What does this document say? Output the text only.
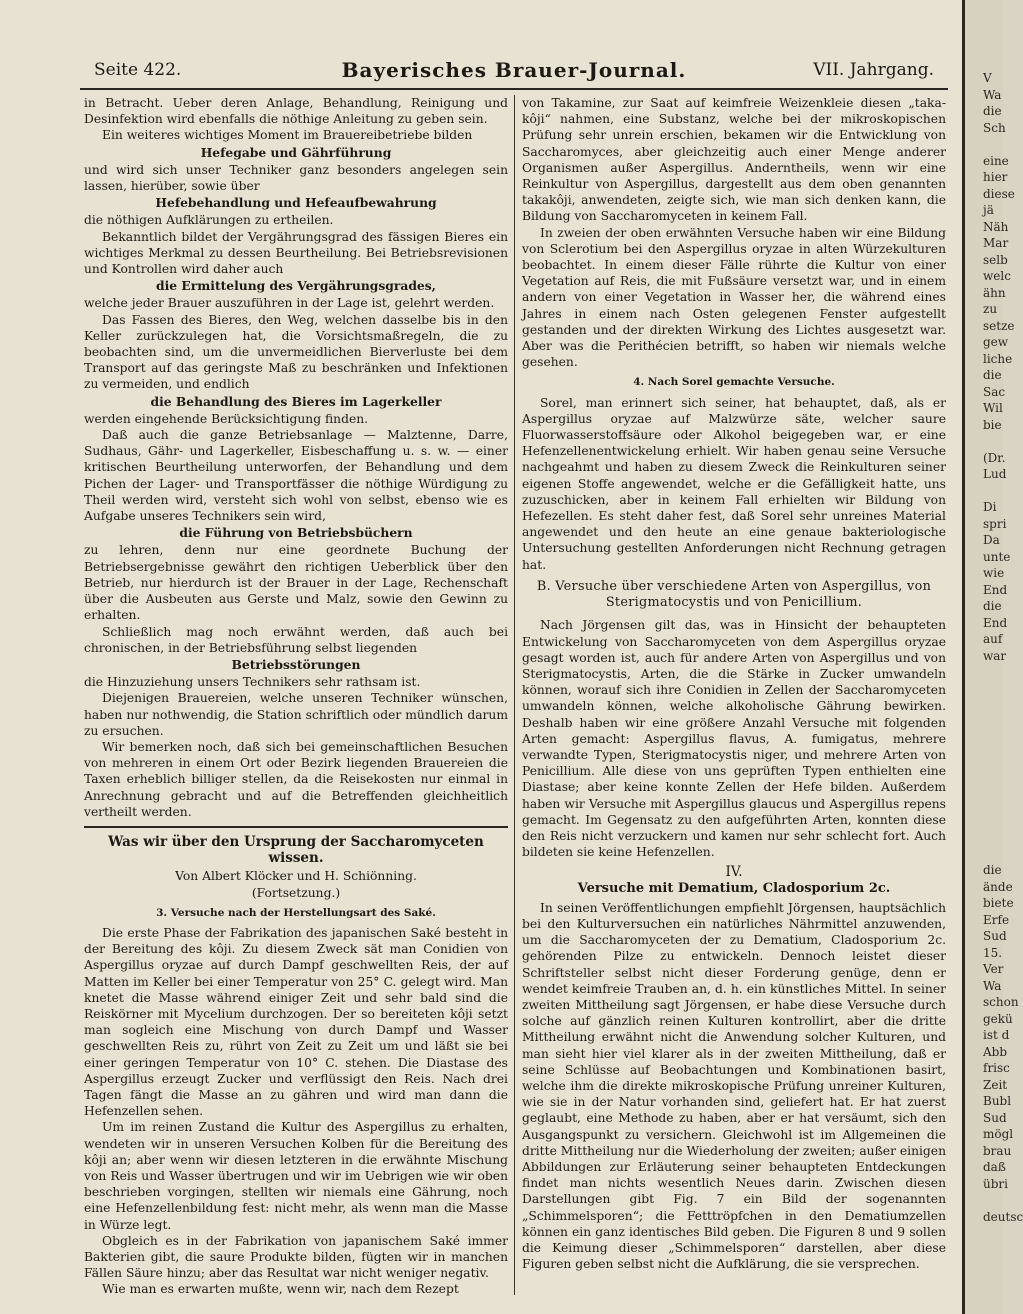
Seite 422.	Bayerisches Brauer-Journal.	VII. Jahrgang.

in Betracht. Ueber deren Anlage, Behandlung, Reinigung und Desinfektion wird ebenfalls die nöthige Anleitung zu geben sein.

Ein weiteres wichtiges Moment im Brauereibetriebe bilden

Hefegabe und Gährführung

und wird sich unser Techniker ganz besonders angelegen sein lassen, hierüber, sowie über

Hefebehandlung und Hefeaufbewahrung

die nöthigen Aufklärungen zu ertheilen.

Bekanntlich bildet der Vergährungsgrad des fässigen Bieres ein wichtiges Merkmal zu dessen Beurtheilung. Bei Betriebsrevisionen und Kontrollen wird daher auch

die Ermittelung des Vergährungsgrades,

welche jeder Brauer auszuführen in der Lage ist, gelehrt werden.

Das Fassen des Bieres, den Weg, welchen dasselbe bis in den Keller zurückzulegen hat, die Vorsichtsmaßregeln, die zu beobachten sind, um die unvermeidlichen Bierverluste bei dem Transport auf das geringste Maß zu beschränken und Infektionen zu vermeiden, und endlich

die Behandlung des Bieres im Lagerkeller

werden eingehende Berücksichtigung finden.

Daß auch die ganze Betriebsanlage — Malztenne, Darre, Sudhaus, Gähr- und Lagerkeller, Eisbeschaffung u. s. w. — einer kritischen Beurtheilung unterworfen, der Behandlung und dem Pichen der Lager- und Transportfässer die nöthige Würdigung zu Theil werden wird, versteht sich wohl von selbst, ebenso wie es Aufgabe unseres Technikers sein wird,

die Führung von Betriebsbüchern

zu lehren, denn nur eine geordnete Buchung der Betriebsergebnisse gewährt den richtigen Ueberblick über den Betrieb, nur hierdurch ist der Brauer in der Lage, Rechenschaft über die Ausbeuten aus Gerste und Malz, sowie den Gewinn zu erhalten.

Schließlich mag noch erwähnt werden, daß auch bei chronischen, in der Betriebsführung selbst liegenden

Betriebsstörungen

die Hinzuziehung unsers Technikers sehr rathsam ist.

Diejenigen Brauereien, welche unseren Techniker wünschen, haben nur nothwendig, die Station schriftlich oder mündlich darum zu ersuchen.

Wir bemerken noch, daß sich bei gemeinschaftlichen Besuchen von mehreren in einem Ort oder Bezirk liegenden Brauereien die Taxen erheblich billiger stellen, da die Reisekosten nur einmal in Anrechnung gebracht und auf die Betreffenden gleichheitlich vertheilt werden.

Was wir über den Ursprung der Saccharomyceten wissen.
Von Albert Klöcker und H. Schiönning.
(Fortsetzung.)
3. Versuche nach der Herstellungsart des Saké.

Die erste Phase der Fabrikation des japanischen Saké besteht in der Bereitung des kôji. Zu diesem Zweck sät man Conidien von Aspergillus oryzae auf durch Dampf geschwellten Reis, der auf Matten im Keller bei einer Temperatur von 25° C. gelegt wird. Man knetet die Masse während einiger Zeit und sehr bald sind die Reiskörner mit Mycelium durchzogen. Der so bereiteten kôji setzt man sogleich eine Mischung von durch Dampf und Wasser geschwellten Reis zu, rührt von Zeit zu Zeit um und läßt sie bei einer geringen Temperatur von 10° C. stehen. Die Diastase des Aspergillus erzeugt Zucker und verflüssigt den Reis. Nach drei Tagen fängt die Masse an zu gähren und wird man dann die Hefenzellen sehen.

Um im reinen Zustand die Kultur des Aspergillus zu erhalten, wendeten wir in unseren Versuchen Kolben für die Bereitung des kôji an; aber wenn wir diesen letzteren in die erwähnte Mischung von Reis und Wasser übertrugen und wir im Uebrigen wie wir oben beschrieben vorgingen, stellten wir niemals eine Gährung, noch eine Hefenzellenbildung fest: nicht mehr, als wenn man die Masse in Würze legt.

Obgleich es in der Fabrikation von japanischem Saké immer Bakterien gibt, die saure Produkte bilden, fügten wir in manchen Fällen Säure hinzu; aber das Resultat war nicht weniger negativ.

Wie man es erwarten mußte, wenn wir, nach dem Rezept

von Takamine, zur Saat auf keimfreie Weizenkleie diesen „taka-kôji“ nahmen, eine Substanz, welche bei der mikroskopischen Prüfung sehr unrein erschien, bekamen wir die Entwicklung von Saccharomyces, aber gleichzeitig auch einer Menge anderer Organismen außer Aspergillus. Anderntheils, wenn wir eine Reinkultur von Aspergillus, dargestellt aus dem oben genannten takakôji, anwendeten, zeigte sich, wie man sich denken kann, die Bildung von Saccharomyceten in keinem Fall.

In zweien der oben erwähnten Versuche haben wir eine Bildung von Sclerotium bei den Aspergillus oryzae in alten Würzekulturen beobachtet. In einem dieser Fälle rührte die Kultur von einer Vegetation auf Reis, die mit Fußsäure versetzt war, und in einem andern von einer Vegetation in Wasser her, die während eines Jahres in einem nach Osten gelegenen Fenster aufgestellt gestanden und der direkten Wirkung des Lichtes ausgesetzt war. Aber was die Perithécien betrifft, so haben wir niemals welche gesehen.

4. Nach Sorel gemachte Versuche.

Sorel, man erinnert sich seiner, hat behauptet, daß, als er Aspergillus oryzae auf Malzwürze säte, welcher saure Fluorwasserstoffsäure oder Alkohol beigegeben war, er eine Hefenzellenentwickelung erhielt. Wir haben genau seine Versuche nachgeahmt und haben zu diesem Zweck die Reinkulturen seiner eigenen Stoffe angewendet, welche er die Gefälligkeit hatte, uns zuzuschicken, aber in keinem Fall erhielten wir Bildung von Hefezellen. Es steht daher fest, daß Sorel sehr unreines Material angewendet und den heute an eine genaue bakteriologische Untersuchung gestellten Anforderungen nicht Rechnung getragen hat.

B. Versuche über verschiedene Arten von Aspergillus, von Sterigmatocystis und von Penicillium.

Nach Jörgensen gilt das, was in Hinsicht der behaupteten Entwickelung von Saccharomyceten von dem Aspergillus oryzae gesagt worden ist, auch für andere Arten von Aspergillus und von Sterigmatocystis, Arten, die die Stärke in Zucker umwandeln können, worauf sich ihre Conidien in Zellen der Saccharomyceten umwandeln können, welche alkoholische Gährung bewirken. Deshalb haben wir eine größere Anzahl Versuche mit folgenden Arten gemacht: Aspergillus flavus, A. fumigatus, mehrere verwandte Typen, Sterigmatocystis niger, und mehrere Arten von Penicillium. Alle diese von uns geprüften Typen enthielten eine Diastase; aber keine konnte Zellen der Hefe bilden. Außerdem haben wir Versuche mit Aspergillus glaucus und Aspergillus repens gemacht. Im Gegensatz zu den aufgeführten Arten, konnten diese den Reis nicht verzuckern und kamen nur sehr schlecht fort. Auch bildeten sie keine Hefenzellen.

IV.
Versuche mit Dematium, Cladosporium 2c.

In seinen Veröffentlichungen empfiehlt Jörgensen, hauptsächlich bei den Kulturversuchen ein natürliches Nährmittel anzuwenden, um die Saccharomyceten der zu Dematium, Cladosporium 2c. gehörenden Pilze zu entwickeln. Dennoch leistet dieser Schriftsteller selbst nicht dieser Forderung genüge, denn er wendet keimfreie Trauben an, d. h. ein künstliches Mittel. In seiner zweiten Mittheilung sagt Jörgensen, er habe diese Versuche durch solche auf gänzlich reinen Kulturen kontrollirt, aber die dritte Mittheilung erwähnt nicht die Anwendung solcher Kulturen, und man sieht hier viel klarer als in der zweiten Mittheilung, daß er seine Schlüsse auf Beobachtungen und Kombinationen basirt, welche ihm die direkte mikroskopische Prüfung unreiner Kulturen, wie sie in der Natur vorhanden sind, geliefert hat. Er hat zuerst geglaubt, eine Methode zu haben, aber er hat versäumt, sich den Ausgangspunkt zu versichern. Gleichwohl ist im Allgemeinen die dritte Mittheilung nur die Wiederholung der zweiten; außer einigen Abbildungen zur Erläuterung seiner behaupteten Entdeckungen findet man nichts wesentlich Neues darin. Zwischen diesen Darstellungen gibt Fig. 7 ein Bild der sogenannten „Schimmelsporen“; die Fetttröpfchen in den Dematiumzellen können ein ganz identisches Bild geben. Die Figuren 8 und 9 sollen die Keimung dieser „Schimmelsporen“ darstellen, aber diese Figuren geben selbst nicht die Aufklärung, die sie versprechen.

V
Wa
die
Sch

eine
hier
diese
jä
Näh
Mar
selb
welc
ähn
zu
setze
gew
liche
die
Sac
Wil
bie

(Dr.
Lud

Di
spri
Da
unte
wie
End
die
End
auf
war

die
ände
biete
Erfe
Sud
15.
Ver
Wa
schon
gekü
ist d
Abb
frisc
Zeit
Bubl
Sud
mögl
brau
daß
übri

deutsc
